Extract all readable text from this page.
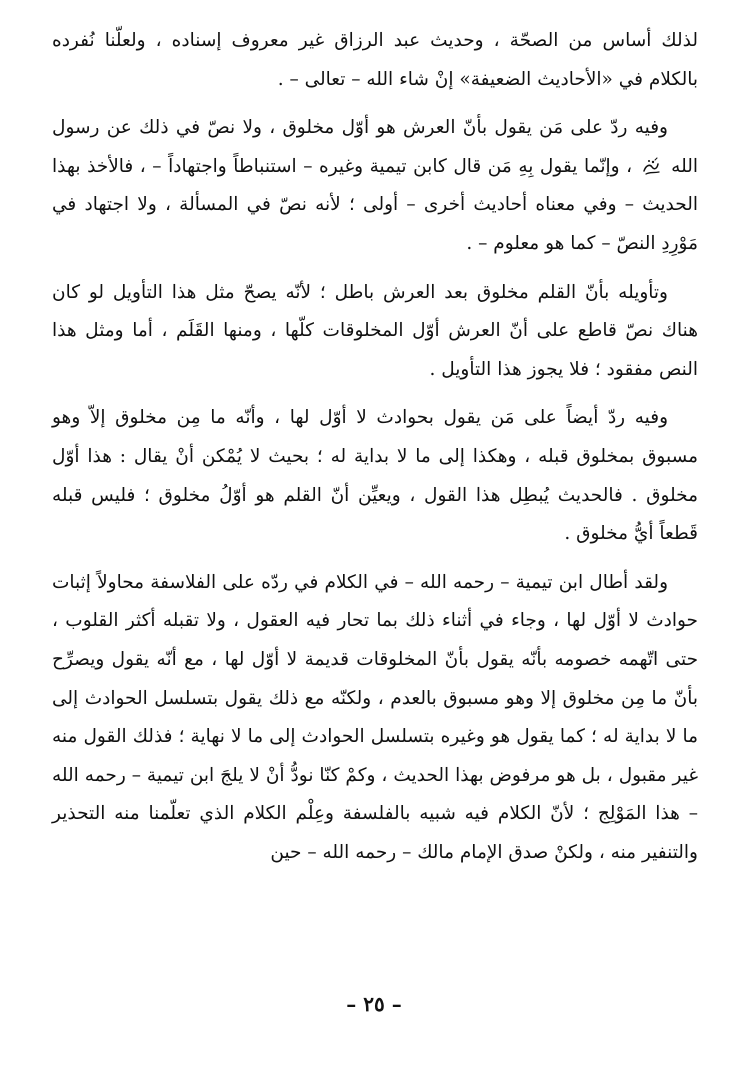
لذلك أساس من الصحّة ، وحديث عبد الرزاق غير معروف إسناده ، ولعلّنا نُفرده بالكلام في «الأحاديث الضعيفة» إنْ شاء الله – تعالى – .

وفيه ردّ على مَن يقول بأنّ العرش هو أوّل مخلوق ، ولا نصّ في ذلك عن رسول الله  ، وإنّما يقول بِهِ مَن قال كابن تيمية وغيره – استنباطاً واجتهاداً – ، فالأخذ بهذا الحديث – وفي معناه أحاديث أخرى – أولى ؛ لأنه نصّ في المسألة ، ولا اجتهاد في مَوْرِدِ النصّ – كما هو معلوم – .

وتأويله بأنّ القلم مخلوق بعد العرش باطل ؛ لأنّه يصحّ مثل هذا التأويل لو كان هناك نصّ قاطع على أنّ العرش أوّل المخلوقات كلّها ، ومنها القَلَم ، أما ومثل هذا النص مفقود ؛ فلا يجوز هذا التأويل .

وفيه ردّ أيضاً على مَن يقول بحوادث لا أوّل لها ، وأنّه ما مِن مخلوق إلاّ وهو مسبوق بمخلوق قبله ، وهكذا إلى ما لا بداية له ؛ بحيث لا يُمْكن أنْ يقال : هذا أوّل مخلوق . فالحديث يُبطِل هذا القول ، ويعيِّن أنّ القلم هو أوّلُ مخلوق ؛ فليس قبله قَطعاً أيُّ مخلوق .

ولقد أطال ابن تيمية – رحمه الله – في الكلام في ردّه على الفلاسفة محاولاً إثبات حوادث لا أوّل لها ، وجاء في أثناء ذلك بما تحار فيه العقول ، ولا تقبله أكثر القلوب ، حتى اتّهمه خصومه بأنّه يقول بأنّ المخلوقات قديمة لا أوّل لها ، مع أنّه يقول ويصرِّح بأنّ ما مِن مخلوق إلا وهو مسبوق بالعدم ، ولكنّه مع ذلك يقول بتسلسل الحوادث إلى ما لا بداية له ؛ كما يقول هو وغيره بتسلسل الحوادث إلى ما لا نهاية ؛ فذلك القول منه غير مقبول ، بل هو مرفوض بهذا الحديث ، وكمْ كنّا نودُّ أنْ لا يلجَ ابن تيمية – رحمه الله – هذا المَوْلِج ؛ لأنّ الكلام فيه شبيه بالفلسفة وعِلْم الكلام الذي تعلّمنا منه التحذير والتنفير منه ، ولكنْ صدق الإمام مالك – رحمه الله – حين

– ٢٥ –
